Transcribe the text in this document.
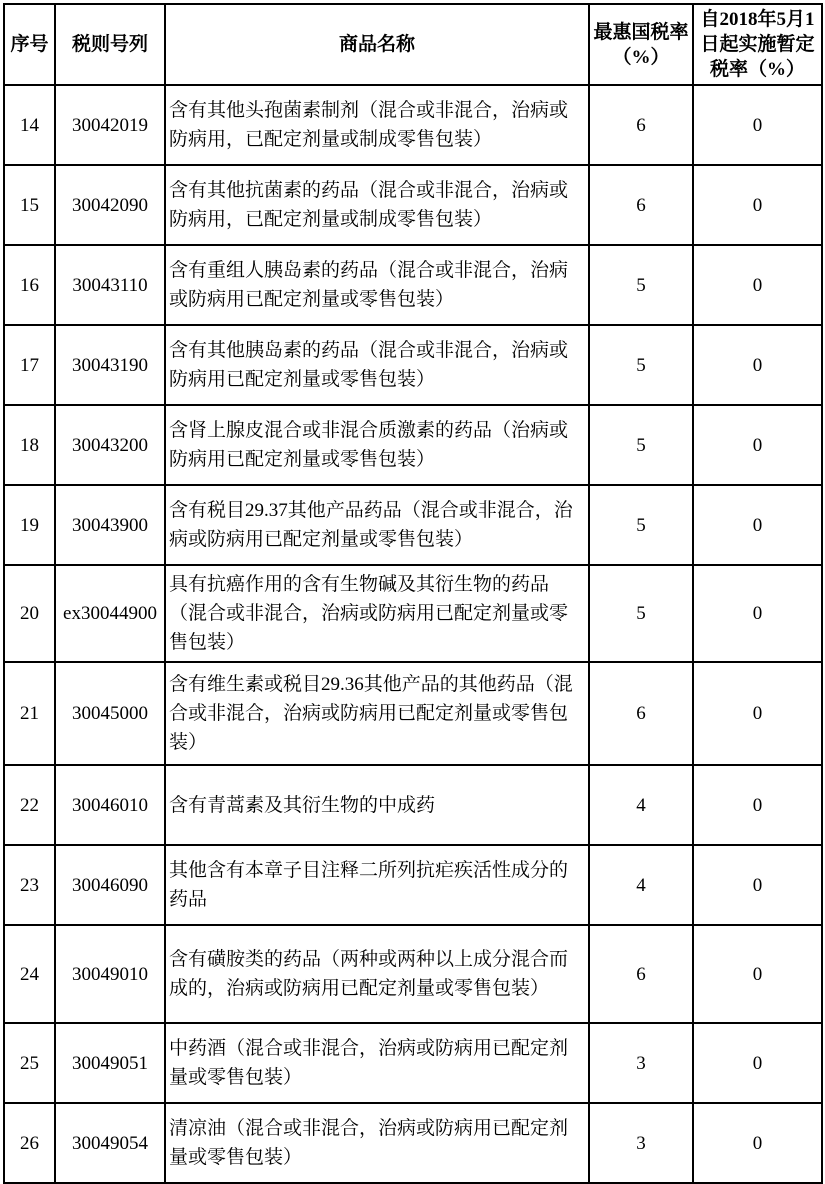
序号	税则号列	商品名称	最惠国税率（%）	自2018年5月1日起实施暂定税率（%）
14	30042019	含有其他头孢菌素制剂（混合或非混合，治病或防病用，已配定剂量或制成零售包装）	6	0
15	30042090	含有其他抗菌素的药品（混合或非混合，治病或防病用，已配定剂量或制成零售包装）	6	0
16	30043110	含有重组人胰岛素的药品（混合或非混合，治病或防病用已配定剂量或零售包装）	5	0
17	30043190	含有其他胰岛素的药品（混合或非混合，治病或防病用已配定剂量或零售包装）	5	0
18	30043200	含肾上腺皮混合或非混合质激素的药品（治病或防病用已配定剂量或零售包装）	5	0
19	30043900	含有税目29.37其他产品药品（混合或非混合，治病或防病用已配定剂量或零售包装）	5	0
20	ex30044900	具有抗癌作用的含有生物碱及其衍生物的药品（混合或非混合，治病或防病用已配定剂量或零售包装）	5	0
21	30045000	含有维生素或税目29.36其他产品的其他药品（混合或非混合，治病或防病用已配定剂量或零售包装）	6	0
22	30046010	含有青蒿素及其衍生物的中成药	4	0
23	30046090	其他含有本章子目注释二所列抗疟疾活性成分的药品	4	0
24	30049010	含有磺胺类的药品（两种或两种以上成分混合而成的，治病或防病用已配定剂量或零售包装）	6	0
25	30049051	中药酒（混合或非混合，治病或防病用已配定剂量或零售包装）	3	0
26	30049054	清凉油（混合或非混合，治病或防病用已配定剂量或零售包装）	3	0
